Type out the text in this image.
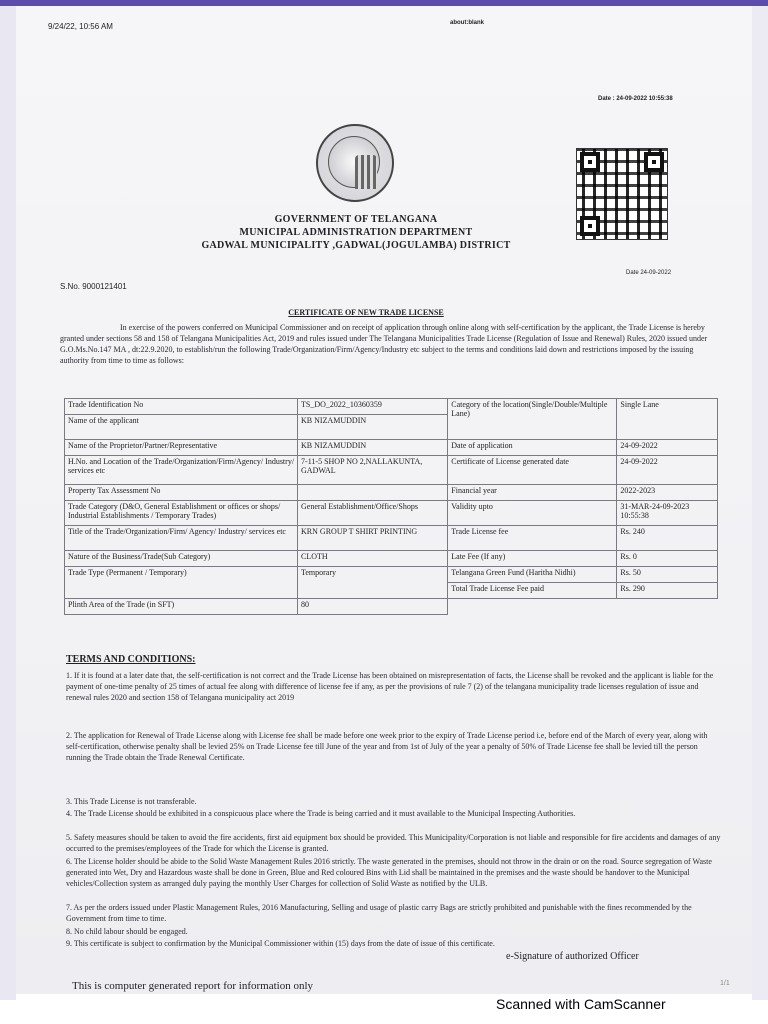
9/24/22, 10:56 AM	about:blank
Date : 24-09-2022 10:55:38
GOVERNMENT OF TELANGANA
MUNICIPAL ADMINISTRATION DEPARTMENT
GADWAL MUNICIPALITY ,GADWAL(JOGULAMBA) DISTRICT
S.No. 9000121401
Date 24-09-2022
CERTIFICATE OF NEW TRADE LICENSE
In exercise of the powers conferred on Municipal Commissioner and on receipt of application through online along with self-certification by the applicant, the Trade License is hereby granted under sections 58 and 158 of Telangana Municipalities Act, 2019 and rules issued under The Telangana Municipalities Trade License (Regulation of Issue and Renewal) Rules, 2020 issued under G.O.Ms.No.147 MA , dt:22.9.2020, to establish/run the following Trade/Organization/Firm/Agency/Industry etc subject to the terms and conditions laid down and restrictions imposed by the issuing authority from time to time as follows:
Trade Identification No	TS_DO_2022_10360359	Category of the location(Single/Double/Multiple Lane)	Single Lane
Name of the applicant	KB NIZAMUDDIN		
Name of the Proprietor/Partner/Representative	KB NIZAMUDDIN	Date of application	24-09-2022
H.No. and Location of the Trade/Organization/Firm/Agency/ Industry/ services etc	7-11-5 SHOP NO 2,NALLAKUNTA, GADWAL	Certificate of License generated date	24-09-2022
Property Tax Assessment No		Financial year	2022-2023
Trade Category (D&O, General Establishment or offices or shops/ Industrial Establishments / Temporary Trades)	General Establishment/Office/Shops	Validity upto	31-MAR-24-09-2023 10:55:38
Title of the Trade/Organization/Firm/ Agency/ Industry/ services etc	KRN GROUP T SHIRT PRINTING	Trade License fee	Rs. 240
Nature of the Business/Trade(Sub Category)	CLOTH	Late Fee (If any)	Rs. 0
Trade Type (Permanent / Temporary)	Temporary	Telangana Green Fund (Haritha Nidhi)	Rs. 50
		Total Trade License Fee paid	Rs. 290
Plinth Area of the Trade (in SFT)	80		
TERMS AND CONDITIONS:
1. If it is found at a later date that, the self-certification is not correct and the Trade License has been obtained on misrepresentation of facts, the License shall be revoked and the applicant is liable for the payment of one-time penalty of 25 times of actual fee along with difference of license fee if any, as per the provisions of rule 7 (2) of the telangana municipality trade licenses regulation of issue and renewal rules 2020 and section 158 of Telangana municipality act 2019
2. The application for Renewal of Trade License along with License fee shall be made before one week prior to the expiry of Trade License period i.e, before end of the March of every year, along with self-certification, otherwise penalty shall be levied 25% on Trade License fee till June of the year and from 1st of July of the year a penalty of 50% of Trade License fee shall be levied till the person running the Trade obtain the Trade Renewal Certificate.
3. This Trade License is not transferable.
4. The Trade License should be exhibited in a conspicuous place where the Trade is being carried and it must available to the Municipal Inspecting Authorities.
5. Safety measures should be taken to avoid the fire accidents, first aid equipment box should be provided. This Municipality/Corporation is not liable and responsible for fire accidents and damages of any occurred to the premises/employees of the Trade for which the License is granted.
6. The License holder should be abide to the Solid Waste Management Rules 2016 strictly. The waste generated in the premises, should not throw in the drain or on the road. Source segregation of Waste generated into Wet, Dry and Hazardous waste shall be done in Green, Blue and Red coloured Bins with Lid shall be maintained in the premises and the waste should be handover to the Municipal vehicles/Collection system as arranged duly paying the monthly User Charges for collection of Solid Waste as notified by the ULB.
7. As per the orders issued under Plastic Management Rules, 2016 Manufacturing, Selling and usage of plastic carry Bags are strictly prohibited and punishable with the fines recommended by the Government from time to time.
8. No child labour should be engaged.
9. This certificate is subject to confirmation by the Municipal Commissioner within (15) days from the date of issue of this certificate.
e-Signature of authorized Officer
This is computer generated report for information only	1/1
Scanned with CamScanner
